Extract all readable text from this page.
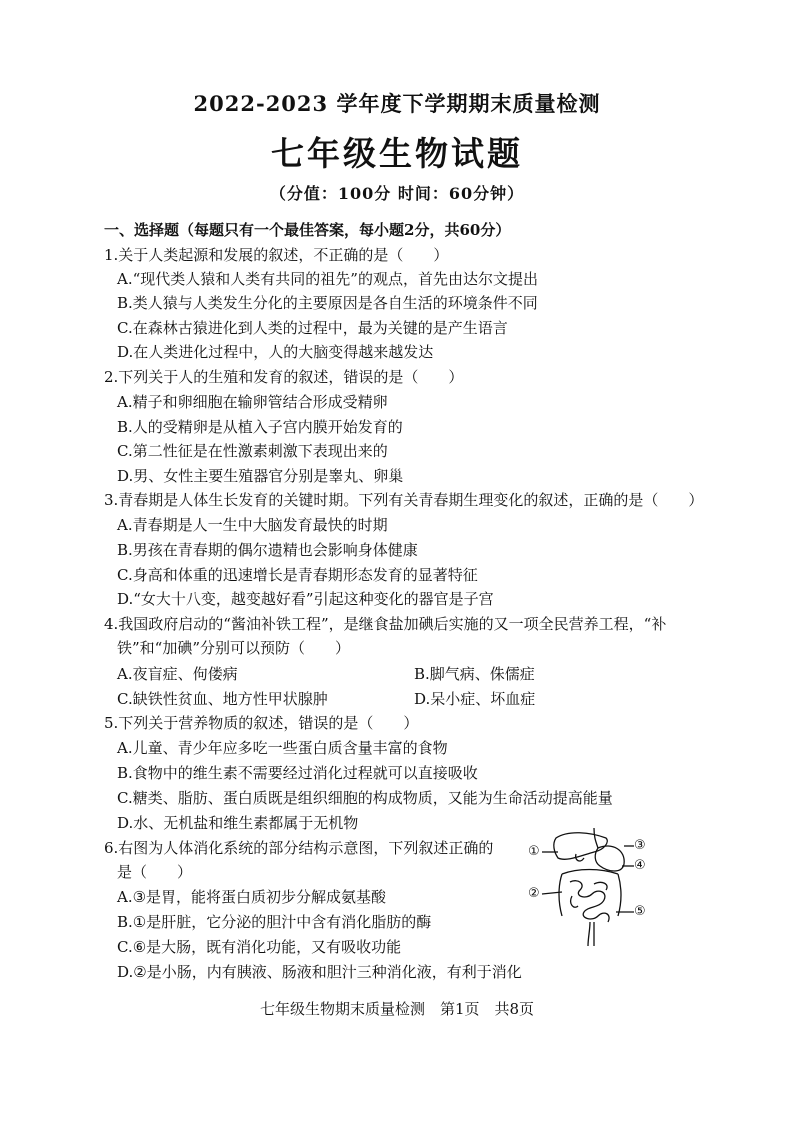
2022-2023 学年度下学期期末质量检测
七年级生物试题
（分值：100分 时间：60分钟）
一、选择题（每题只有一个最佳答案，每小题2分，共60分）
1.关于人类起源和发展的叙述，不正确的是（　　）
A.“现代类人猿和人类有共同的祖先”的观点，首先由达尔文提出
B.类人猿与人类发生分化的主要原因是各自生活的环境条件不同
C.在森林古猿进化到人类的过程中，最为关键的是产生语言
D.在人类进化过程中，人的大脑变得越来越发达
2.下列关于人的生殖和发育的叙述，错误的是（　　）
A.精子和卵细胞在输卵管结合形成受精卵
B.人的受精卵是从植入子宫内膜开始发育的
C.第二性征是在性激素刺激下表现出来的
D.男、女性主要生殖器官分别是睾丸、卵巢
3.青春期是人体生长发育的关键时期。下列有关青春期生理变化的叙述，正确的是（　　）
A.青春期是人一生中大脑发育最快的时期
B.男孩在青春期的偶尔遗精也会影响身体健康
C.身高和体重的迅速增长是青春期形态发育的显著特征
D.“女大十八变，越变越好看”引起这种变化的器官是子宫
4.我国政府启动的“酱油补铁工程”，是继食盐加碘后实施的又一项全民营养工程，“补
铁”和“加碘”分别可以预防（　　）
A.夜盲症、佝偻病	B.脚气病、侏儒症
C.缺铁性贫血、地方性甲状腺肿	D.呆小症、坏血症
5.下列关于营养物质的叙述，错误的是（　　）
A.儿童、青少年应多吃一些蛋白质含量丰富的食物
B.食物中的维生素不需要经过消化过程就可以直接吸收
C.糖类、脂肪、蛋白质既是组织细胞的构成物质，又能为生命活动提高能量
D.水、无机盐和维生素都属于无机物
6.右图为人体消化系统的部分结构示意图，下列叙述正确的
是（　　）
A.③是胃，能将蛋白质初步分解成氨基酸
B.①是肝脏，它分泌的胆汁中含有消化脂肪的酶
C.⑥是大肠，既有消化功能，又有吸收功能
D.②是小肠，内有胰液、肠液和胆汁三种消化液，有利于消化
①
②
③
④
⑤
七年级生物期末质量检测　第1页　共8页
